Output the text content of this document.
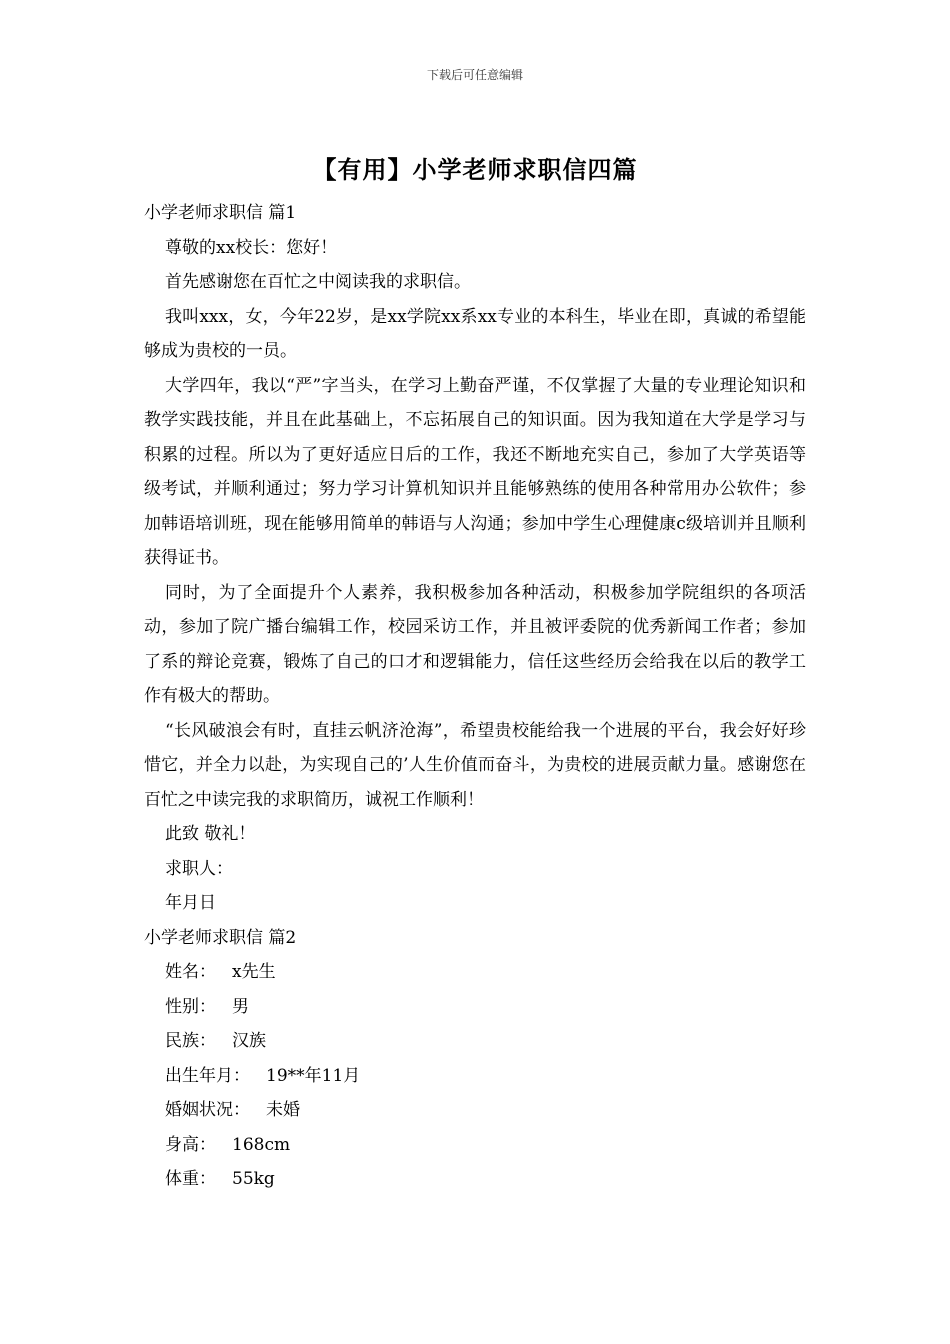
下载后可任意编辑
【有用】小学老师求职信四篇

小学老师求职信 篇1

尊敬的xx校长：您好！

首先感谢您在百忙之中阅读我的求职信。

我叫xxx，女，今年22岁，是xx学院xx系xx专业的本科生，毕业在即，真诚的希望能够成为贵校的一员。

大学四年，我以“严”字当头，在学习上勤奋严谨，不仅掌握了大量的专业理论知识和教学实践技能，并且在此基础上，不忘拓展自己的知识面。因为我知道在大学是学习与积累的过程。所以为了更好适应日后的工作，我还不断地充实自己，参加了大学英语等级考试，并顺利通过；努力学习计算机知识并且能够熟练的使用各种常用办公软件；参加韩语培训班，现在能够用简单的韩语与人沟通；参加中学生心理健康c级培训并且顺利获得证书。

同时，为了全面提升个人素养，我积极参加各种活动，积极参加学院组织的各项活动，参加了院广播台编辑工作，校园采访工作，并且被评委院的优秀新闻工作者；参加了系的辩论竞赛，锻炼了自己的口才和逻辑能力，信任这些经历会给我在以后的教学工作有极大的帮助。

“长风破浪会有时，直挂云帆济沧海”，希望贵校能给我一个进展的平台，我会好好珍惜它，并全力以赴，为实现自己的’人生价值而奋斗，为贵校的进展贡献力量。感谢您在百忙之中读完我的求职简历，诚祝工作顺利！

此致 敬礼！

求职人：

年月日

小学老师求职信 篇2

姓名： x先生
性别： 男
民族： 汉族
出生年月： 19**年11月
婚姻状况： 未婚
身高： 168cm
体重： 55kg
